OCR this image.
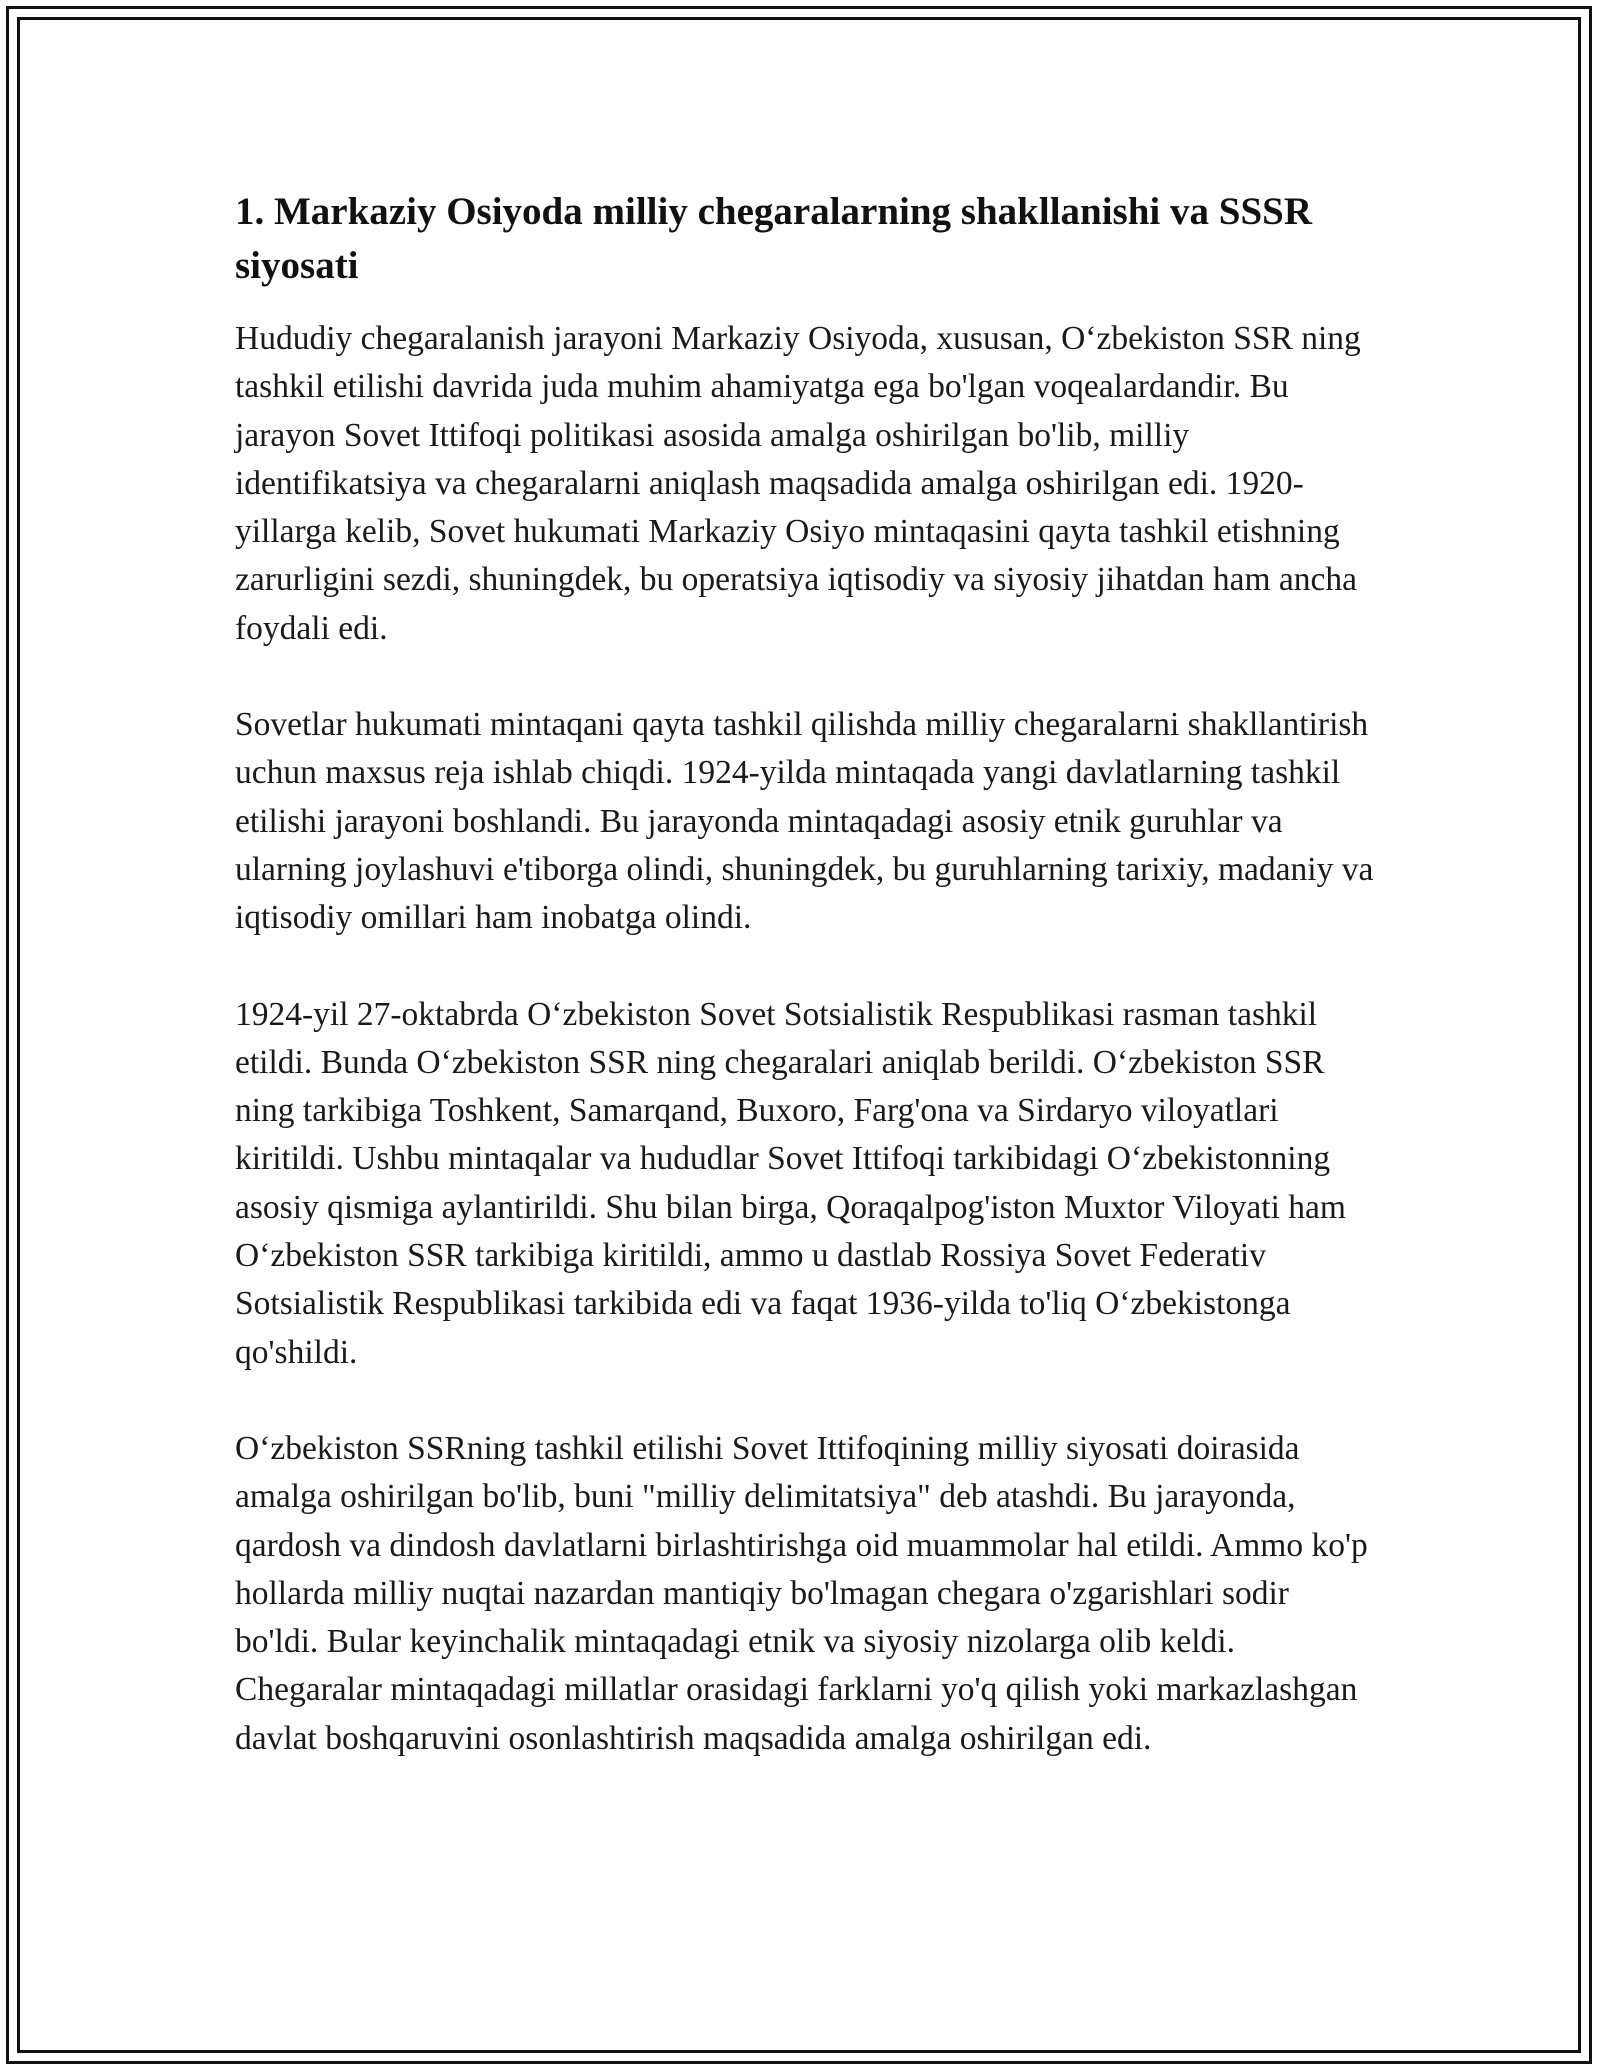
1. Markaziy Osiyoda milliy chegaralarning shakllanishi va SSSR siyosati

Hududiy chegaralanish jarayoni Markaziy Osiyoda, xususan, O‘zbekiston SSR ning tashkil etilishi davrida juda muhim ahamiyatga ega bo'lgan voqealardandir. Bu jarayon Sovet Ittifoqi politikasi asosida amalga oshirilgan bo'lib, milliy identifikatsiya va chegaralarni aniqlash maqsadida amalga oshirilgan edi. 1920-yillarga kelib, Sovet hukumati Markaziy Osiyo mintaqasini qayta tashkil etishning zarurligini sezdi, shuningdek, bu operatsiya iqtisodiy va siyosiy jihatdan ham ancha foydali edi.

Sovetlar hukumati mintaqani qayta tashkil qilishda milliy chegaralarni shakllantirish uchun maxsus reja ishlab chiqdi. 1924-yilda mintaqada yangi davlatlarning tashkil etilishi jarayoni boshlandi. Bu jarayonda mintaqadagi asosiy etnik guruhlar va ularning joylashuvi e'tiborga olindi, shuningdek, bu guruhlarning tarixiy, madaniy va iqtisodiy omillari ham inobatga olindi.

1924-yil 27-oktabrda O‘zbekiston Sovet Sotsialistik Respublikasi rasman tashkil etildi. Bunda O‘zbekiston SSR ning chegaralari aniqlab berildi. O‘zbekiston SSR ning tarkibiga Toshkent, Samarqand, Buxoro, Farg'ona va Sirdaryo viloyatlari kiritildi. Ushbu mintaqalar va hududlar Sovet Ittifoqi tarkibidagi O‘zbekistonning asosiy qismiga aylantirildi. Shu bilan birga, Qoraqalpog'iston Muxtor Viloyati ham O‘zbekiston SSR tarkibiga kiritildi, ammo u dastlab Rossiya Sovet Federativ Sotsialistik Respublikasi tarkibida edi va faqat 1936-yilda to'liq O‘zbekistonga qo'shildi.

O‘zbekiston SSRning tashkil etilishi Sovet Ittifoqining milliy siyosati doirasida amalga oshirilgan bo'lib, buni "milliy delimitatsiya" deb atashdi. Bu jarayonda, qardosh va dindosh davlatlarni birlashtirishga oid muammolar hal etildi. Ammo ko'p hollarda milliy nuqtai nazardan mantiqiy bo'lmagan chegara o'zgarishlari sodir bo'ldi. Bular keyinchalik mintaqadagi etnik va siyosiy nizolarga olib keldi. Chegaralar mintaqadagi millatlar orasidagi farklarni yo'q qilish yoki markazlashgan davlat boshqaruvini osonlashtirish maqsadida amalga oshirilgan edi.
